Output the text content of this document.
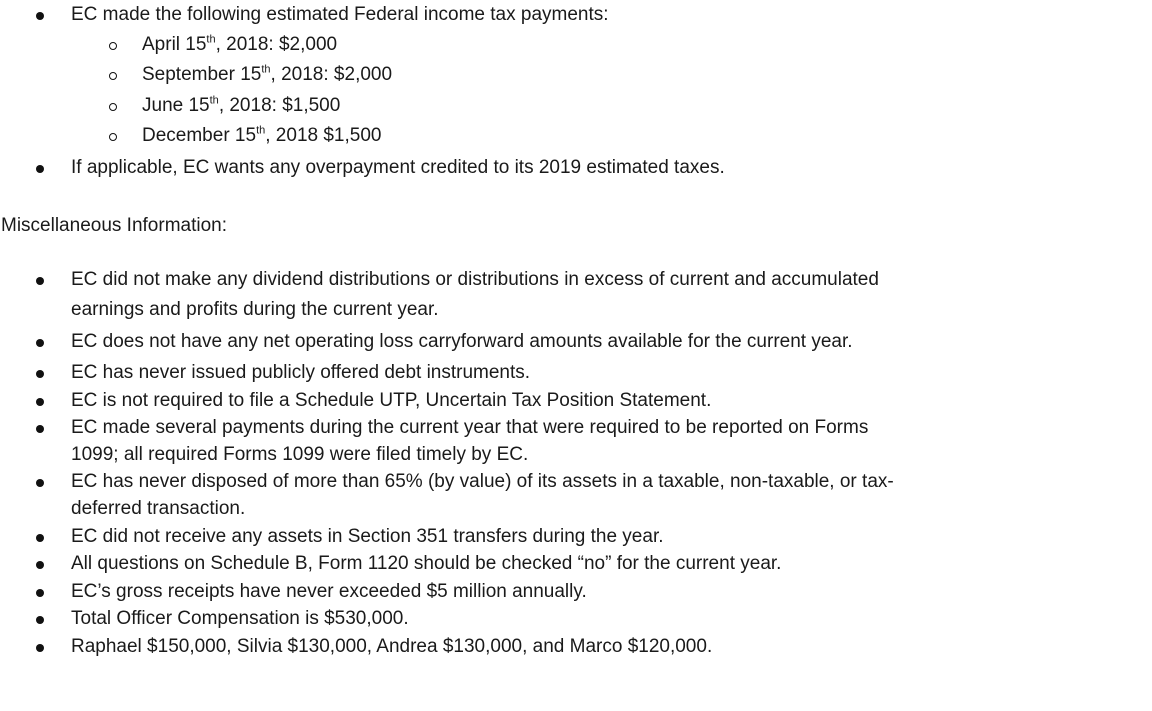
EC made the following estimated Federal income tax payments:
April 15th, 2018: $2,000
September 15th, 2018: $2,000
June 15th, 2018: $1,500
December 15th, 2018 $1,500
If applicable, EC wants any overpayment credited to its 2019 estimated taxes.
Miscellaneous Information:
EC did not make any dividend distributions or distributions in excess of current and accumulated
earnings and profits during the current year.
EC does not have any net operating loss carryforward amounts available for the current year.
EC has never issued publicly offered debt instruments.
EC is not required to file a Schedule UTP, Uncertain Tax Position Statement.
EC made several payments during the current year that were required to be reported on Forms
1099; all required Forms 1099 were filed timely by EC.
EC has never disposed of more than 65% (by value) of its assets in a taxable, non-taxable, or tax-
deferred transaction.
EC did not receive any assets in Section 351 transfers during the year.
All questions on Schedule B, Form 1120 should be checked “no” for the current year.
EC’s gross receipts have never exceeded $5 million annually.
Total Officer Compensation is $530,000.
Raphael $150,000, Silvia $130,000, Andrea $130,000, and Marco $120,000.
